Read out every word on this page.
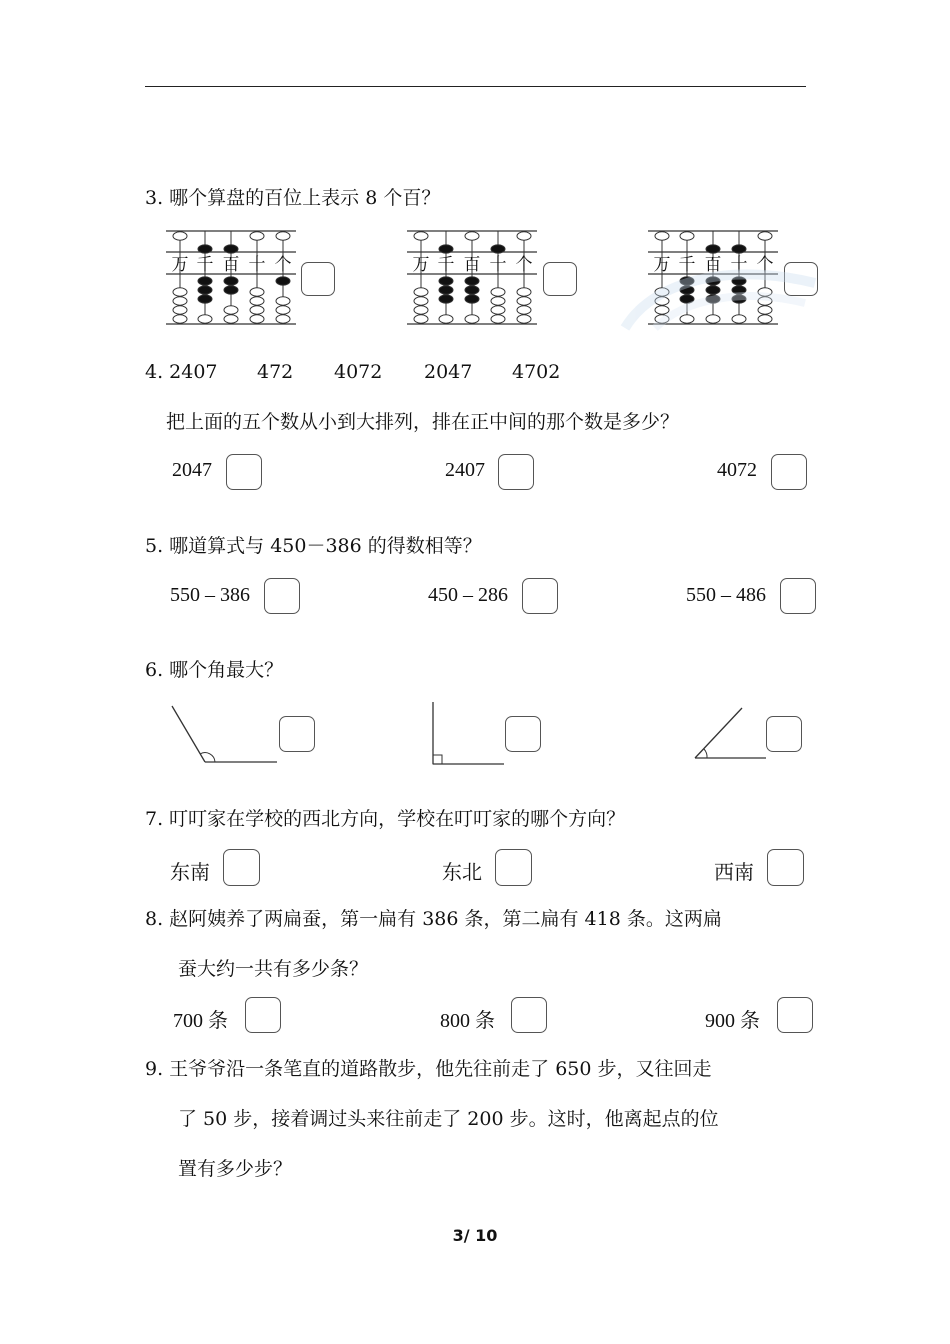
3. 哪个算盘的百位上表示 8 个百？
万 千 百 十 个	万 千 百 十 个	万 千 百 十 个
4. 2407 472 4072 2047 4702
把上面的五个数从小到大排列，排在正中间的那个数是多少？
2047	2407	4072
5. 哪道算式与 450－386 的得数相等？
550 – 386	450 – 286	550 – 486
6. 哪个角最大？
7. 叮叮家在学校的西北方向，学校在叮叮家的哪个方向？
东南	东北	西南
8. 赵阿姨养了两扁蚕，第一扁有 386 条，第二扁有 418 条。这两扁
蚕大约一共有多少条？
700 条	800 条	900 条
9. 王爷爷沿一条笔直的道路散步，他先往前走了 650 步，又往回走
了 50 步，接着调过头来往前走了 200 步。这时，他离起点的位
置有多少步？
3/ 10
